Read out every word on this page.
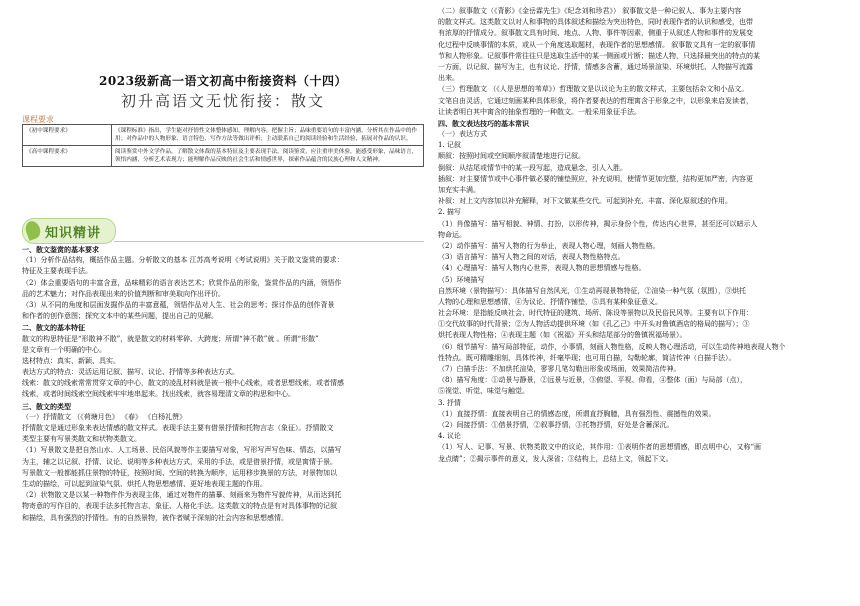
2023级新高一语文初高中衔接资料（十四）
初升高语文无忧衔接：散文
课程要求
《初中课程要求》	《课程标准》指出，学生能对抒情性文体整体感知，理解内容，把握主旨；品味重要语句的丰富内涵，分析其在作品中的作用；对作品中的人物形象、语言特色、写作方法等做出评析；主动联系自己的阅读经验和生活经验，拓展对作品的认识。
《高中课程要求》	阅读鉴赏中外文学作品，了解散文体裁的基本特征及主要表现手法。阅读鉴赏，应注重审美体验，能感受形象，品味语言，领悟内涵，分析艺术表现力；能理解作品反映的社会生活和情感世界，探索作品蕴含的民族心理和人文精神。
知识精讲
一、散文鉴赏的基本要求
（1）分析作品结构，概括作品主题。分析散文的基本 江苏高考说明《考试说明》关于散文鉴赏的要求：
特征及主要表现手法。
（2）体会重要语句的丰富含意，品味精彩的语言表达艺术；欣赏作品的形象，鉴赏作品的内涵，领悟作
品的艺术魅力；对作品表现出来的价值判断和审美取向作出评价。
（3）从不同的角度和层面发掘作品的丰富意蕴，领悟作品对人生、社会的思考；探讨作品的创作背景
和作者的创作意图；探究文本中的某些问题，提出自己的见解。
二、散文的基本特征
散文的构思特征是“形散神不散”，就是散文的材料零碎、大跨度；所谓“神不散”就 。所谓“形散”
是文章有一个明确的中心。
选材特点：真实、新颖、具实。
表达方式的特点：灵活运用记叙、描写、议论、抒情等多种表达方式。
线索：散文的线索常常贯穿文章的中心，散文的凌乱材料就是被一根中心线索，或者思想线索，或者情感
线索，或者时间线索空间线索牢牢地串起来。找出线索，就容易理清文章的构思和中心。
三、散文的类型
（一）抒情散文 （《荷塘月色》 《春》 《白杨礼赞》
抒情散文是通过形象来表达情感的散文样式。表现手法主要有借景抒情和托物言志（象征）。抒情散文
类型主要有写景类散文和状物类散文。
（1）写景散文是把自然山水、人工场景、民俗风貌等作主要描写对象，写形写声写色味、情态，以描写
为主，辅之以记叙、抒情、议论、说明等多种表达方式，采用的手法，或是借景抒情，或是寓情于景。
写景散文一般都能抓住景物的特征，按照时间、空间的转换为顺序，运用移步换景的方法，对景物加以
生动的描绘，可以起到渲染气氛、烘托人物思想感情、更好地表现主题的作用。
（2）状物散文是以某一种物件作为表现主体，通过对物件的描摹、刻画来为物件写貌传神，从而达到托
物寄意的写作目的，表现手法多托物言志，象征、人格化手法。这类散文的特点是有对具体事物的记叙
和描绘，具有强烈的抒情性。有的自然景物，被作者赋予深刻的社会内容和思想感情。
（二）叙事散文（《背影》《金岳霖先生》《纪念刘和珍君》） 叙事散文是一种记叙人、事为主要内容
的散文样式。这类散文以对人和事物的具体叙述和描绘为突出特色，同时表现作者的认识和感受，也带
有浓厚的抒情成分。叙事散文具有时间、地点、人物、事件等因素，侧重于从叙述人物和事件的发展变
化过程中反映事情的本质，或从一个角度选取题材，表现作者的思想感情。 叙事散文具有一定的叙事情
节和人物形象。记叙事件常往往只是选取生活中的某一侧面或片断；描述人物，只选择最突出的特点的某
一方面，以记叙、描写为主，也有议论、抒情，情感多含蓄，通过场景渲染、环境烘托、人物描写流露
出来。
（三）哲理散文 （《人是思想的苇草》）哲理散文是以议论为主的散文样式，主要包括杂文和小品文。
文笔自由灵活，它通过刻画某种具体形象，将作者要表达的哲理寓含于形象之中，以形象来启发读者，
让读者明白其中寓含的抽象哲理的一种散文。一般采用象征手法。
四、散文表达技巧的基本常识
（一）表达方式
1. 记叙
顺叙：按照时间或空间顺序叙清楚地进行记叙。
倒叙：从结尾或情节中的某一段写起，造成悬念，引人入胜。
插叙：对主要情节或中心事件做必要的铺垫照应，补充说明，使情节更加完整，结构更加严密，内容更
加充实丰满。
补叙：对上文内容加以补充解释，对下文做某些交代。可起到补充、丰富、深化原叙述的作用。
2. 描写
（1）肖像描写：描写相貌、神情、打扮，以形传神，揭示身份个性，传达内心世界，甚至还可以暗示人
物命运。
（2）动作描写：描写人物的行为举止，表现人物心理，刻画人物性格。
（3）语言描写：描写人物之间的对话，表现人物性格特点。
（4）心理描写：描写人物内心世界，表现人物的思想情感与性格。
（5）环境描写
自然环境（景物描写）：具体描写自然风光，①生动再现景物特征，②渲染一种气氛（氛围），③烘托
人物的心理和思想感情，④为议论、抒情作铺垫，⑤具有某种象征意义。
社会环境：是指能反映社会、时代特征的建筑、场所、陈设等景物以及民俗民风等。主要有以下作用：
①交代故事的时代背景；②为人物活动提供环境（如《孔乙己》中开头对鲁镇酒店的格局的描写）；③
烘托表现人物性格；④表现主题（如《祝福》开头和结尾部分的鲁镇祝福场景）。
（6）细节描写：描写局部特征，动作，小事情，刻画人物性格，反映人物心理活动，可以生动传神地表现人物个
性特点。既可精雕细刻，具体传神，纤毫毕现；也可用白描，勾勒轮廓，简洁传神（白描手法）。
（7）白描手法：不加烘托渲染，寥寥几笔勾勒出形象或场面，效果简洁传神。
（8）描写角度：①动景与静景，②远景与近景，③俯望、平视、仰看，④整体（面）与局部（点），
⑤视觉、听觉、味觉与触觉。
3. 抒情
（1）直接抒情：直接表明自己的情感态度，所谓直抒胸臆，具有强烈性、震撼性的效果。
（2）间接抒情：①借景抒情，②叙事抒情，③托物抒情，好处是含蓄深沉。
4. 议论
（1）写人、记事、写景、状物类散文中的议论，其作用：①表明作者的思想情感，即点明中心，又称“画
龙点睛”；②揭示事件的意义，发人深省；③结构上，总结上文，领起下文。
